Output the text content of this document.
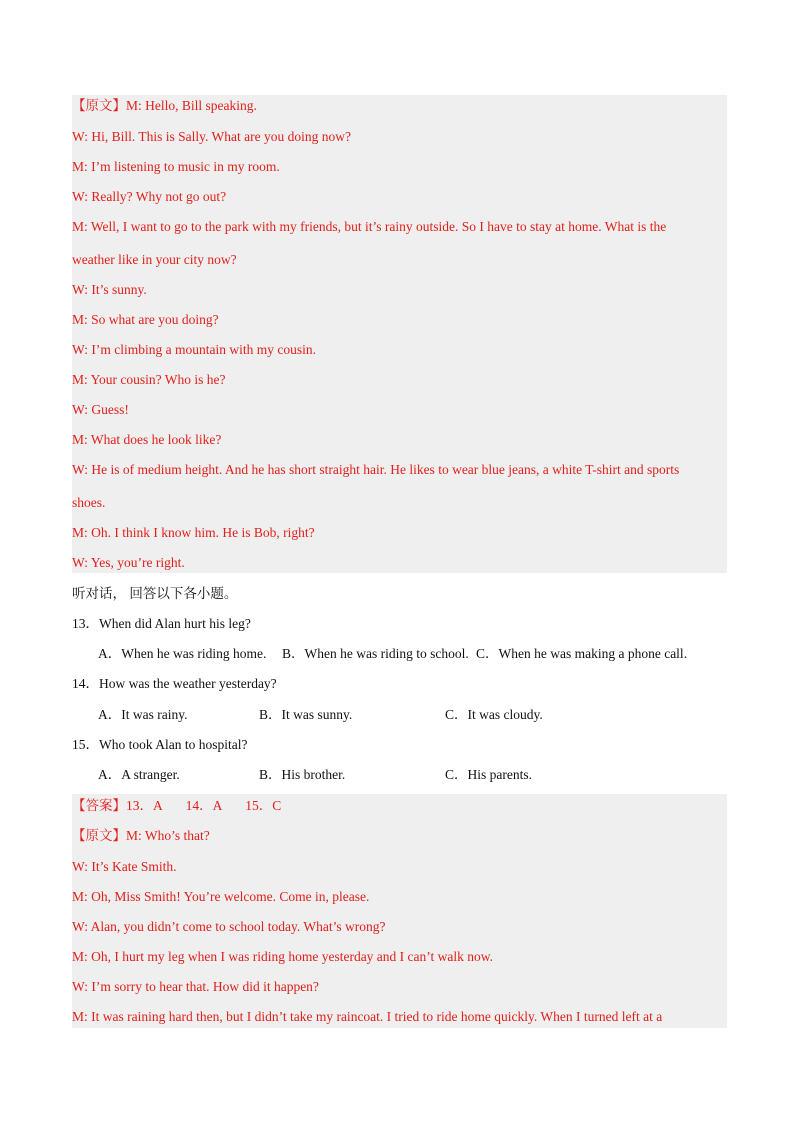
【原文】M: Hello, Bill speaking.
W: Hi, Bill. This is Sally. What are you doing now?
M: I’m listening to music in my room.
W: Really? Why not go out?
M: Well, I want to go to the park with my friends, but it’s rainy outside. So I have to stay at home. What is the
weather like in your city now?
W: It’s sunny.
M: So what are you doing?
W: I’m climbing a mountain with my cousin.
M: Your cousin? Who is he?
W: Guess!
M: What does he look like?
W: He is of medium height. And he has short straight hair. He likes to wear blue jeans, a white T-shirt and sports
shoes.
M: Oh. I think I know him. He is Bob, right?
W: Yes, you’re right.
听对话， 回答以下各小题。
13．When did Alan hurt his leg?
A．When he was riding home. B．When he was riding to school. C．When he was making a phone call.
14．How was the weather yesterday?
A．It was rainy.	B．It was sunny.	C．It was cloudy.
15．Who took Alan to hospital?
A．A stranger.	B．His brother.	C．His parents.
【答案】13．A       14．A       15．C
【原文】M: Who’s that?
W: It’s Kate Smith.
M: Oh, Miss Smith! You’re welcome. Come in, please.
W: Alan, you didn’t come to school today. What’s wrong?
M: Oh, I hurt my leg when I was riding home yesterday and I can’t walk now.
W: I’m sorry to hear that. How did it happen?
M: It was raining hard then, but I didn’t take my raincoat. I tried to ride home quickly. When I turned left at a
